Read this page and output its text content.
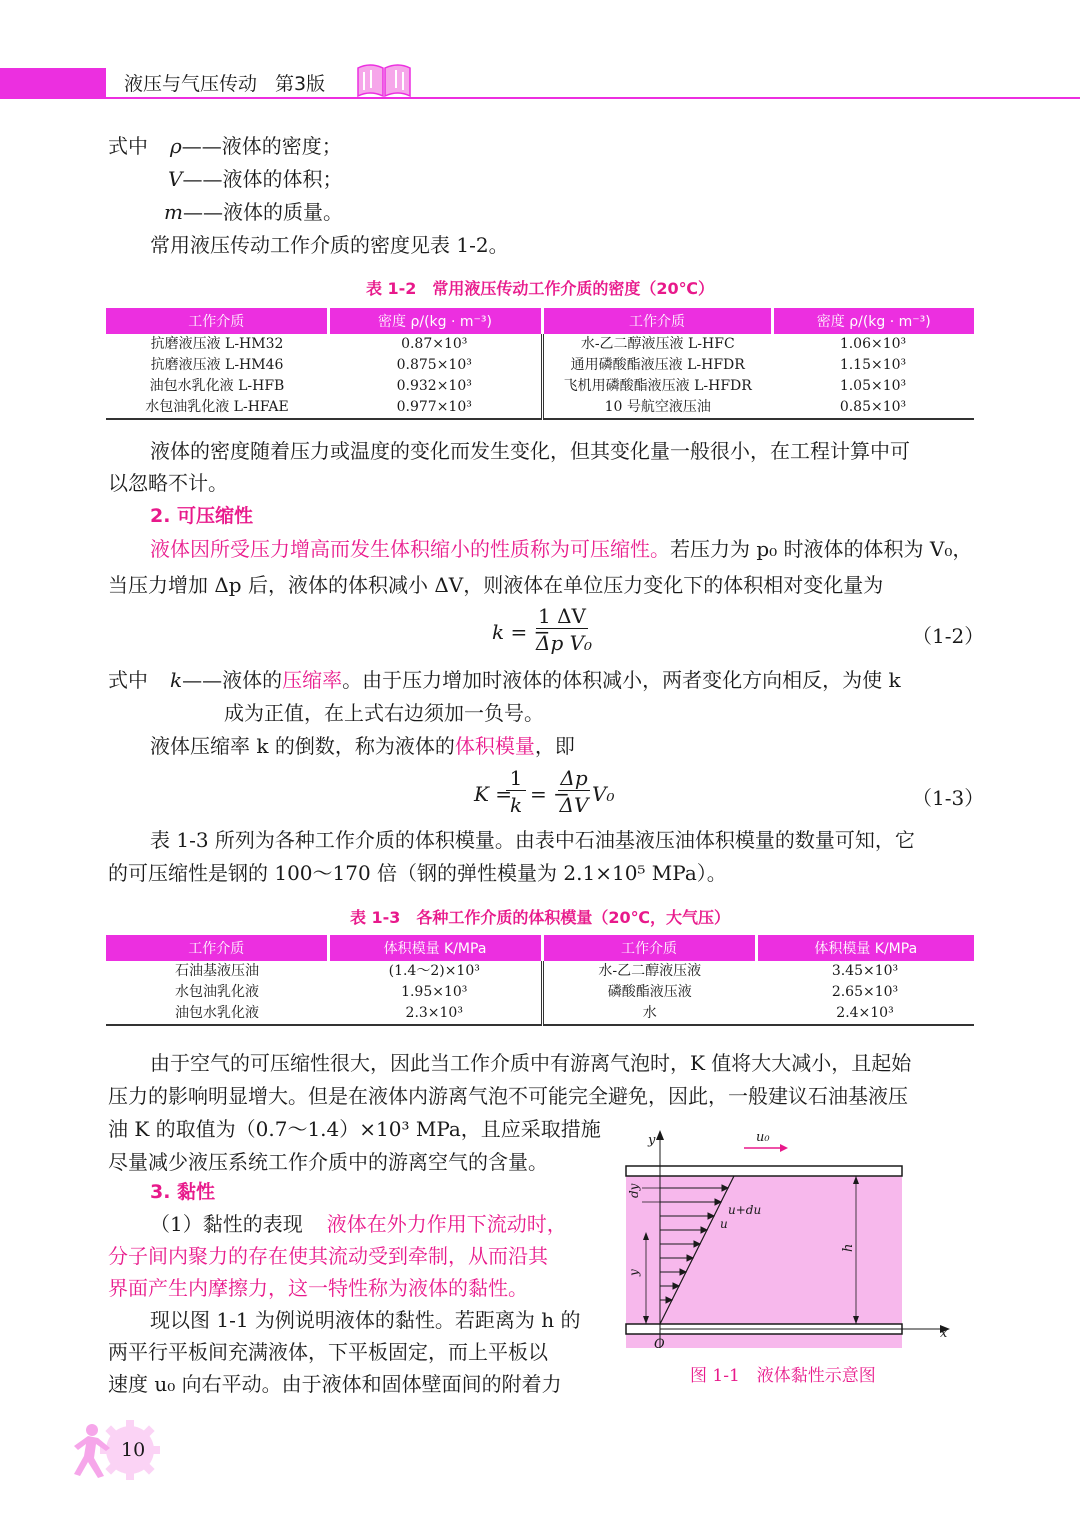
液压与气压传动 第3版
式中 ρ——液体的密度；
V——液体的体积；
m——液体的质量。
常用液压传动工作介质的密度见表 1-2。
表 1-2　常用液压传动工作介质的密度（20℃）
工作介质	密度 ρ/(kg · m⁻³)	工作介质	密度 ρ/(kg · m⁻³)
抗磨液压液 L-HM32	0.87×10³	水-乙二醇液压液 L-HFC	1.06×10³
抗磨液压液 L-HM46	0.875×10³	通用磷酸酯液压液 L-HFDR	1.15×10³
油包水乳化液 L-HFB	0.932×10³	飞机用磷酸酯液压液 L-HFDR	1.05×10³
水包油乳化液 L-HFAE	0.977×10³	10 号航空液压油	0.85×10³
液体的密度随着压力或温度的变化而发生变化，但其变化量一般很小，在工程计算中可
以忽略不计。
2. 可压缩性
液体因所受压力增高而发生体积缩小的性质称为可压缩性。若压力为 p₀ 时液体的体积为 V₀，
当压力增加 Δp 后，液体的体积减小 ΔV，则液体在单位压力变化下的体积相对变化量为
k = −
1 ΔV
Δp V₀	（1-2）
式中 k——液体的压缩率。由于压力增加时液体的体积减小，两者变化方向相反，为使 k
成为正值，在上式右边须加一负号。
液体压缩率 k 的倒数，称为液体的体积模量，即
K =
1
k = −
Δp
ΔV V₀	（1-3）
表 1-3 所列为各种工作介质的体积模量。由表中石油基液压油体积模量的数量可知，它
的可压缩性是钢的 100～170 倍（钢的弹性模量为 2.1×10⁵ MPa）。
表 1-3　各种工作介质的体积模量（20℃，大气压）
工作介质	体积模量 K/MPa	工作介质	体积模量 K/MPa
石油基液压油	(1.4～2)×10³	水-乙二醇液压液	3.45×10³
水包油乳化液	1.95×10³	磷酸酯液压液	2.65×10³
油包水乳化液	2.3×10³	水	2.4×10³
由于空气的可压缩性很大，因此当工作介质中有游离气泡时，K 值将大大减小，且起始
压力的影响明显增大。但是在液体内游离气泡不可能完全避免，因此，一般建议石油基液压
油 K 的取值为（0.7～1.4）×10³ MPa，且应采取措施
尽量减少液压系统工作介质中的游离空气的含量。
3. 黏性
（1）黏性的表现 液体在外力作用下流动时，
分子间内聚力的存在使其流动受到牵制，从而沿其
界面产生内摩擦力，这一特性称为液体的黏性。
现以图 1-1 为例说明液体的黏性。若距离为 h 的
两平行平板间充满液体，下平板固定，而上平板以
速度 u₀ 向右平动。由于液体和固体壁面间的附着力
y	u₀
dy
u+du
u
h
y
O
x
图 1-1　液体黏性示意图
10
